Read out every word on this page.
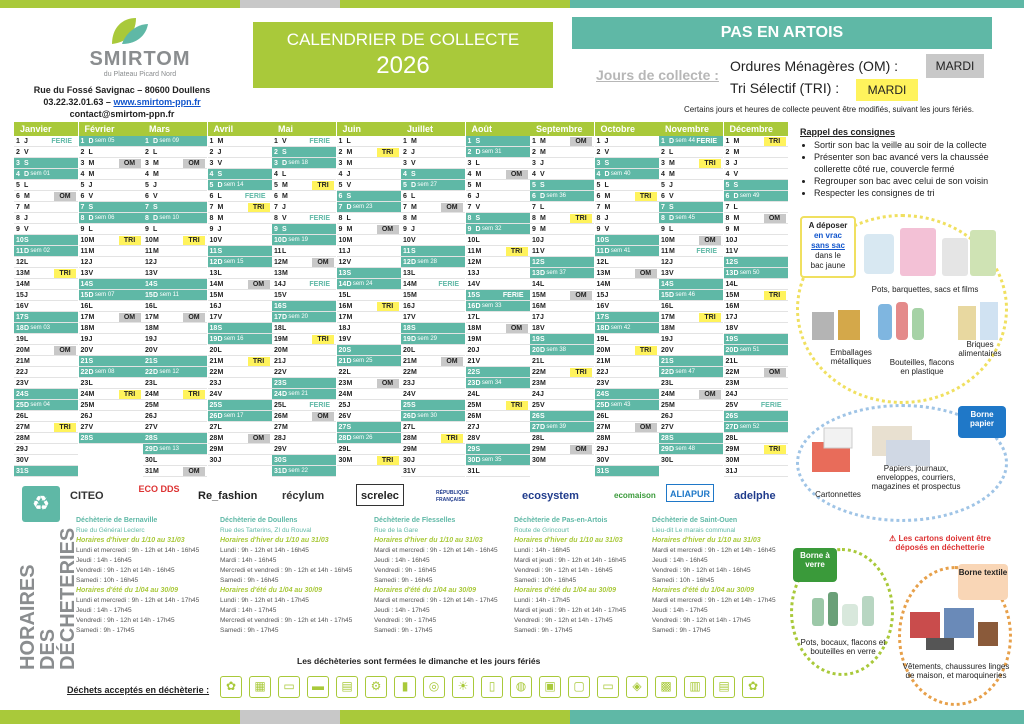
SMIRTOM
du Plateau Picard Nord
Rue du Fossé Savignac – 80600 Doullens
03.22.32.01.63 – www.smirtom-ppn.fr
contact@smirtom-ppn.fr
CALENDRIER DE COLLECTE
2026
PAS EN ARTOIS
Jours de collecte :
Ordures Ménagères (OM) :	MARDI
Tri Sélectif (TRI) :	MARDI
Certains jours et heures de collecte peuvent être modifiés, suivant les jours fériés.
Janvier
1 J	FERIE
2 V
3 S
4 D sem 01
5 L
6 M	OM
7 M
8 J
9 V
10S
11D sem 02
12L
13M	TRI
14M
15J
16V
17S
18D sem 03
19L
20M	OM
21M
22J
23V
24S
25D sem 04
26L
27M	TRI
28M
29J
30V
31S
Février
1 D sem 05
2 L
3 M	OM
4 M
5 J
6 V
7 S
8 D sem 06
9 L
10M	TRI
11M
12J
13V
14S
15D sem 07
16L
17M	OM
18M
19J
20V
21S
22D sem 08
23L
24M	TRI
25M
26J
27V
28S
Mars
1 D sem 09
2 L
3 M	OM
4 M
5 J
6 V
7 S
8 D sem 10
9 L
10M	TRI
11M
12J
13V
14S
15D sem 11
16L
17M	OM
18M
19J
20V
21S
22D sem 12
23L
24M	TRI
25M
26J
27V
28S
29D sem 13
30L
31M	OM
Avril
1 M
2 J
3 V
4 S
5 D sem 14
6 L	FERIE
7 M	TRI
8 M
9 J
10V
11S
12D sem 15
13L
14M	OM
15M
16J
17V
18S
19D sem 16
20L
21M	TRI
22M
23J
24V
25S
26D sem 17
27L
28M	OM
29M
30J
Mai
1 V	FERIE
2 S
3 D sem 18
4 L
5 M	TRI
6 M
7 J
8 V	FERIE
9 S
10D sem 19
11L
12M	OM
13M
14J	FERIE
15V
16S
17D sem 20
18L
19M	TRI
20M
21J
22V
23S
24D sem 21
25L	FERIE
26M	OM
27M
28J
29V
30S
31D sem 22
Juin
1 L
2 M	TRI
3 M
4 J
5 V
6 S
7 D sem 23
8 L
9 M	OM
10M
11J
12V
13S
14D sem 24
15L
16M	TRI
17M
18J
19V
20S
21D sem 25
22L
23M	OM
24M
25J
26V
27S
28D sem 26
29L
30M	TRI
Juillet
1 M
2 J
3 V
4 S
5 D sem 27
6 L
7 M	OM
8 M
9 J
10V
11S
12D sem 28
13L
14M	FERIE
15M
16J
17V
18S
19D sem 29
20L
21M	OM
22M
23J
24V
25S
26D sem 30
27L
28M	TRI
29M
30J
31V
Août
1 S
2 D sem 31
3 L
4 M	OM
5 M
6 J
7 V
8 S
9 D sem 32
10L
11M	TRI
12M
13J
14V
15S	FERIE
16D sem 33
17L
18M	OM
19M
20J
21V
22S
23D sem 34
24L
25M	TRI
26M
27J
28V
29S
30D sem 35
31L
Septembre
1 M	OM
2 M
3 J
4 V
5 S
6 D sem 36
7 L
8 M	TRI
9 M
10J
11V
12S
13D sem 37
14L
15M	OM
16M
17J
18V
19S
20D sem 38
21L
22M	TRI
23M
24J
25V
26S
27D sem 39
28L
29M	OM
30M
Octobre
1 J
2 V
3 S
4 D sem 40
5 L
6 M	TRI
7 M
8 J
9 V
10S
11D sem 41
12L
13M	OM
14M
15J
16V
17S
18D sem 42
19L
20M	TRI
21M
22J
23V
24S
25D sem 43
26L
27M	OM
28M
29J
30V
31S
Novembre
1 D sem 44 FERIE
2 L
3 M	TRI
4 M
5 J
6 V
7 S
8 D sem 45
9 L
10M	OM
11M	FERIE
12J
13V
14S
15D sem 46
16L
17M	TRI
18M
19J
20V
21S
22D sem 47
23L
24M	OM
25M
26J
27V
28S
29D sem 48
30L
Décembre
1 M	TRI
2 M
3 J
4 V
5 S
6 D sem 49
7 L
8 M	OM
9 M
10J
11V
12S
13D sem 50
14L
15M	TRI
16M
17J
18V
19S
20D sem 51
21L
22M	OM
23M
24J
25V	FERIE
26S
27D sem 52
28L
29M	TRI
30M
31J
Rappel des consignes
• Sortir son bac la veille au soir de la collecte
• Présenter son bac avancé vers la chaussée collerette côté rue, couvercle fermé
• Regrouper son bac avec celui de son voisin
• Respecter les consignes de tri
A déposer
en vrac
sans sac
dans le
bac jaune
Pots, barquettes, sacs et films
Emballages métalliques	Bouteilles, flacons en plastique
Briques alimentaires
Borne papier
Cartonnettes
Papiers, journaux, enveloppes, courriers, magazines et prospectus
⚠ Les cartons doivent être déposés en déchetterie
Borne à verre
Pots, bocaux, flacons et bouteilles en verre
Borne textile
Vêtements, chaussures linges de maison, et maroquineries
CITEO
ECO DDS
Re_fashion récylum	screlec	RÉPUBLIQUE FRANÇAISE	ecosystem	ecomaison	ALIAPUR	adelphe
♻
HORAIRES DES DÉCHETERIES
Déchèterie de Bernaville
Rue du Général Leclerc
Horaires d'hiver du 1/10 au 31/03
Lundi et mercredi : 9h - 12h et 14h - 16h45
Jeudi : 14h - 16h45
Vendredi : 9h - 12h et 14h - 16h45
Samedi : 10h - 16h45
Horaires d'été du 1/04 au 30/09
Lundi et mercredi : 9h - 12h et 14h - 17h45
Jeudi : 14h - 17h45
Vendredi : 9h - 12h et 14h - 17h45
Samedi : 9h - 17h45
Déchèterie de Doullens
Rue des Tarterins, ZI du Rouval
Horaires d'hiver du 1/10 au 31/03
Lundi : 9h - 12h et 14h - 16h45
Mardi : 14h - 16h45
Mercredi et vendredi : 9h - 12h et 14h - 16h45
Samedi : 9h - 16h45
Horaires d'été du 1/04 au 30/09
Lundi : 9h - 12h et 14h - 17h45
Mardi : 14h - 17h45
Mercredi et vendredi : 9h - 12h et 14h - 17h45
Samedi : 9h - 17h45
Déchèterie de Flesselles
Rue de la Gare
Horaires d'hiver du 1/10 au 31/03
Mardi et mercredi : 9h - 12h et 14h - 16h45
Jeudi : 14h - 16h45
Vendredi : 9h - 16h45
Samedi : 9h - 16h45
Horaires d'été du 1/04 au 30/09
Mardi et mercredi : 9h - 12h et 14h - 17h45
Jeudi : 14h - 17h45
Vendredi : 9h - 17h45
Samedi : 9h - 17h45
Déchèterie de Pas-en-Artois
Route de Grincourt
Horaires d'hiver du 1/10 au 31/03
Lundi : 14h - 16h45
Mardi et jeudi : 9h - 12h et 14h - 16h45
Vendredi : 9h - 12h et 14h - 16h45
Samedi : 10h - 16h45
Horaires d'été du 1/04 au 30/09
Lundi : 14h - 17h45
Mardi et jeudi : 9h - 12h et 14h - 17h45
Vendredi : 9h - 12h et 14h - 17h45
Samedi : 9h - 17h45
Déchèterie de Saint-Ouen
Lieu-dit Le marais communal
Horaires d'hiver du 1/10 au 31/03
Mardi et mercredi : 9h - 12h et 14h - 16h45
Jeudi : 14h - 16h45
Vendredi : 9h - 12h et 14h - 16h45
Samedi : 10h - 16h45
Horaires d'été du 1/04 au 30/09
Mardi et mercredi : 9h - 12h et 14h - 17h45
Jeudi : 14h - 17h45
Vendredi : 9h - 12h et 14h - 17h45
Samedi : 9h - 17h45
Les déchèteries sont fermées le dimanche et les jours fériés
Déchets acceptés en déchèterie :	✿	▦	▭	▬	▤	⚙	▮	◎	☀	▯	◍	▣	▢	▭	◈	▩	▥	▤	✿
